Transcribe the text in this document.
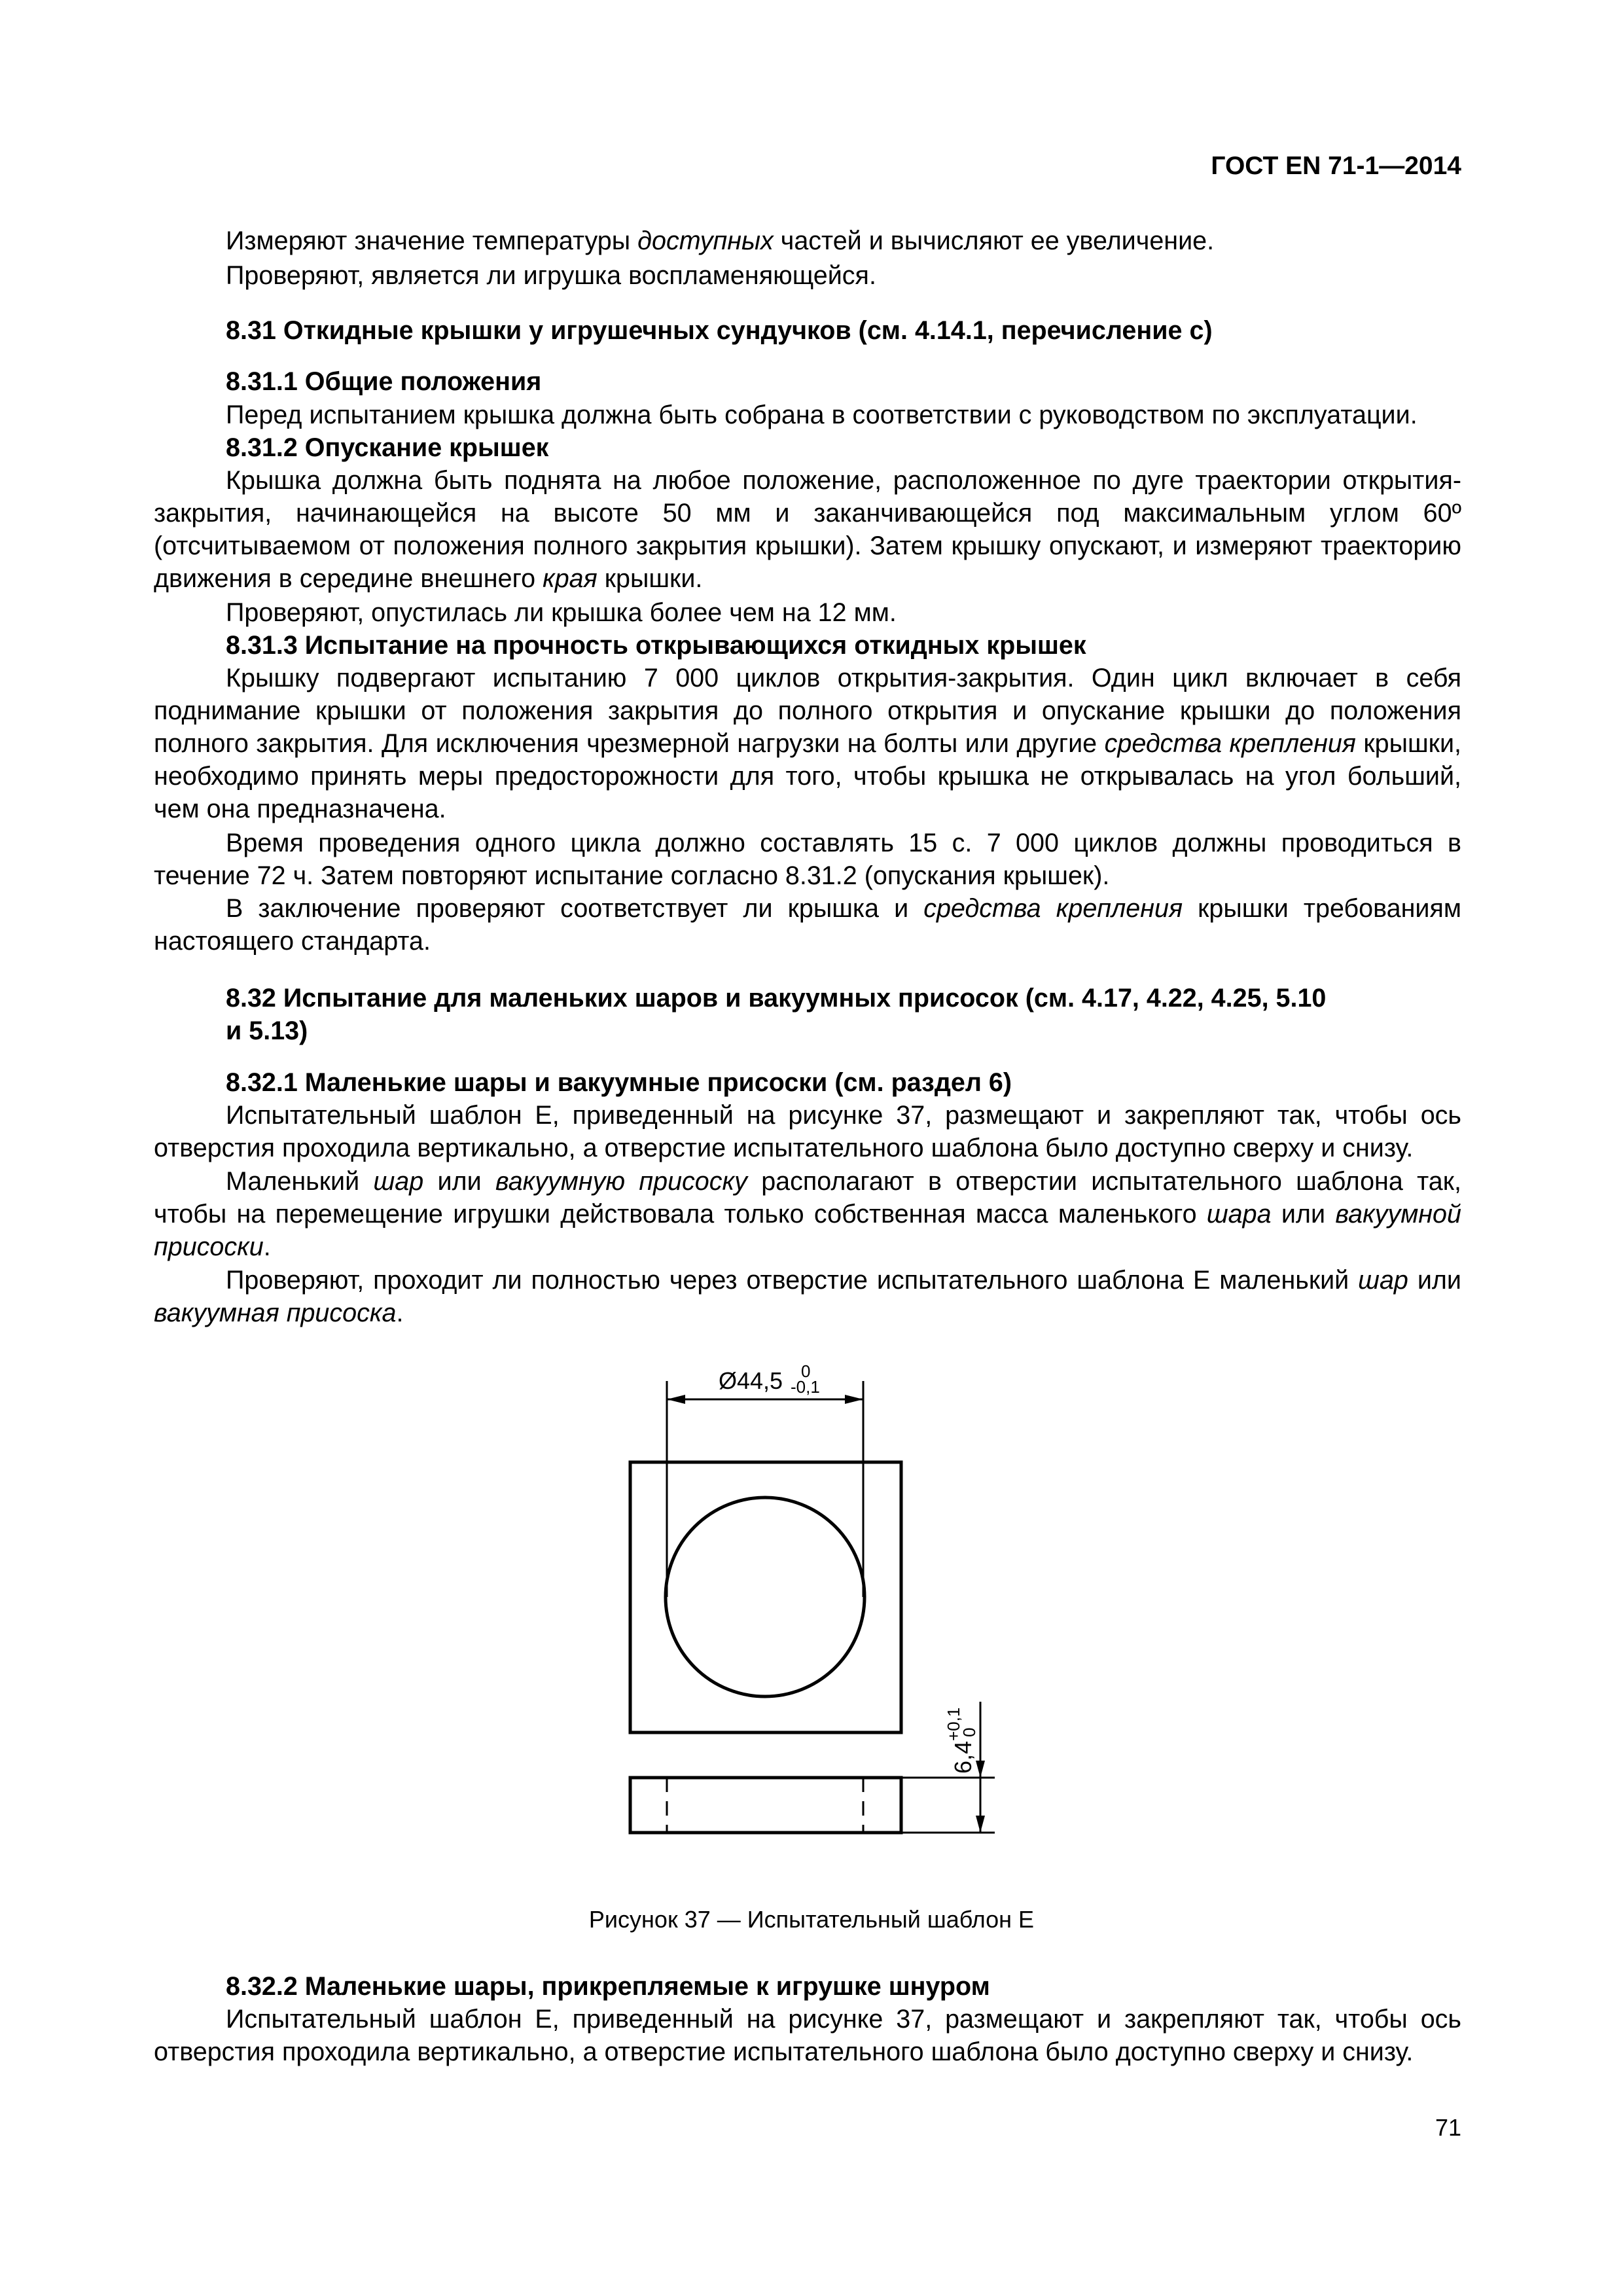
ГОСТ EN 71-1—2014

Измеряют значение температуры доступных частей и вычисляют ее увеличение.

Проверяют, является ли игрушка воспламеняющейся.

8.31 Откидные крышки у игрушечных сундучков (см. 4.14.1, перечисление с)

8.31.1 Общие положения

Перед испытанием крышка должна быть собрана в соответствии с руководством по эксплуатации.

8.31.2 Опускание крышек

Крышка должна быть поднята на любое положение, расположенное по дуге траектории открытия-закрытия, начинающейся на высоте 50 мм и заканчивающейся под максимальным углом 60º (отсчитываемом от положения полного закрытия крышки). Затем крышку опускают, и измеряют траекторию движения в середине внешнего края крышки.

Проверяют, опустилась ли крышка более чем на 12 мм.

8.31.3 Испытание на прочность открывающихся откидных крышек

Крышку подвергают испытанию 7 000 циклов открытия-закрытия. Один цикл включает в себя поднимание крышки от положения закрытия до полного открытия и опускание крышки до положения полного закрытия. Для исключения чрезмерной нагрузки на болты или другие средства крепления крышки, необходимо принять меры предосторожности для того, чтобы крышка не открывалась на угол больший, чем она предназначена.

Время проведения одного цикла должно составлять 15 с. 7 000 циклов должны проводиться в течение 72 ч. Затем повторяют испытание согласно 8.31.2 (опускания крышек).

В заключение проверяют соответствует ли крышка и средства крепления крышки требованиям настоящего стандарта.

8.32 Испытание для маленьких шаров и вакуумных присосок (см. 4.17, 4.22, 4.25, 5.10

и 5.13)

8.32.1 Маленькие шары и вакуумные присоски (см. раздел 6)

Испытательный шаблон Е, приведенный на рисунке 37, размещают и закрепляют так, чтобы ось отверстия проходила вертикально, а отверстие испытательного шаблона было доступно сверху и снизу.

Маленький шар или вакуумную присоску располагают в отверстии испытательного шаблона так, чтобы на перемещение игрушки действовала только собственная масса маленького шара или вакуумной присоски.

Проверяют, проходит ли полностью через отверстие испытательного шаблона Е маленький шар или вакуумная присоска.

Ø44,5 0
-0,1
6,4
+0,1
0
Рисунок 37 — Испытательный шаблон Е

8.32.2 Маленькие шары, прикрепляемые к игрушке шнуром

Испытательный шаблон Е, приведенный на рисунке 37, размещают и закрепляют так, чтобы ось отверстия проходила вертикально, а отверстие испытательного шаблона было доступно сверху и снизу.

71
